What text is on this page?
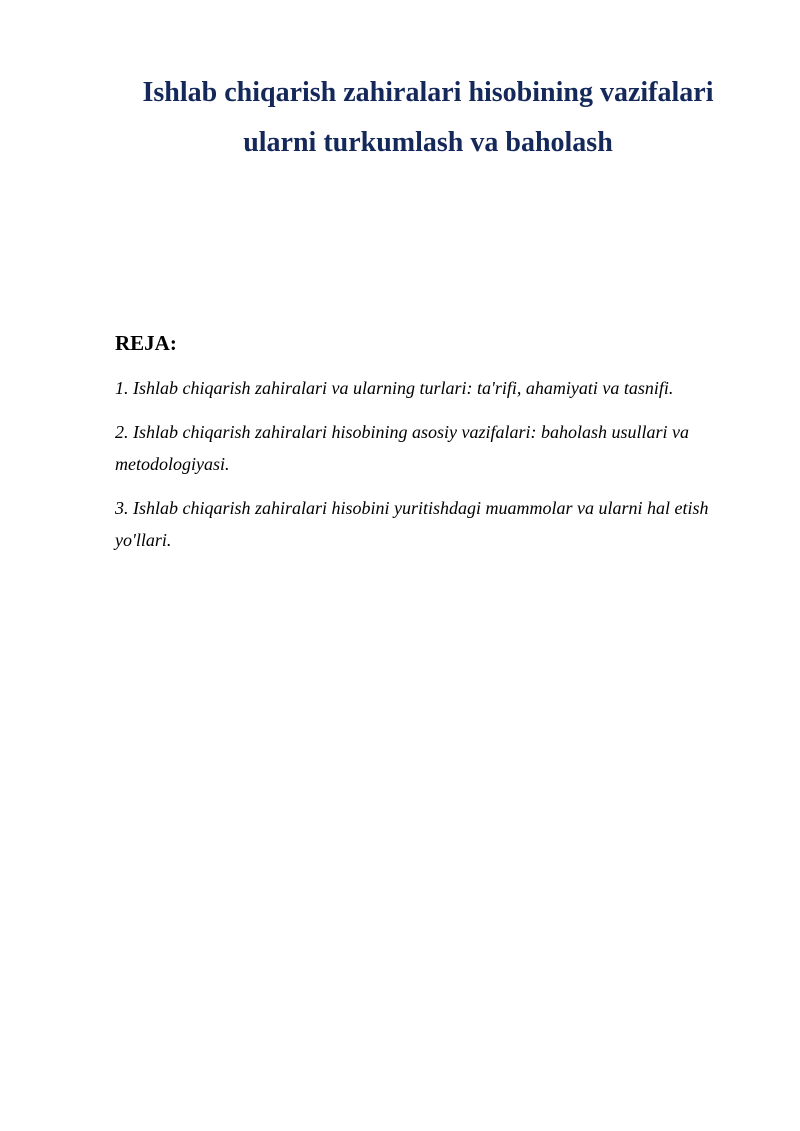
Ishlab chiqarish zahiralari hisobining vazifalari
ularni turkumlash va baholash
REJA:
1. Ishlab chiqarish zahiralari va ularning turlari: ta'rifi, ahamiyati va tasnifi.
2. Ishlab chiqarish zahiralari hisobining asosiy vazifalari: baholash usullari va metodologiyasi.
3. Ishlab chiqarish zahiralari hisobini yuritishdagi muammolar va ularni hal etish yo'llari.
